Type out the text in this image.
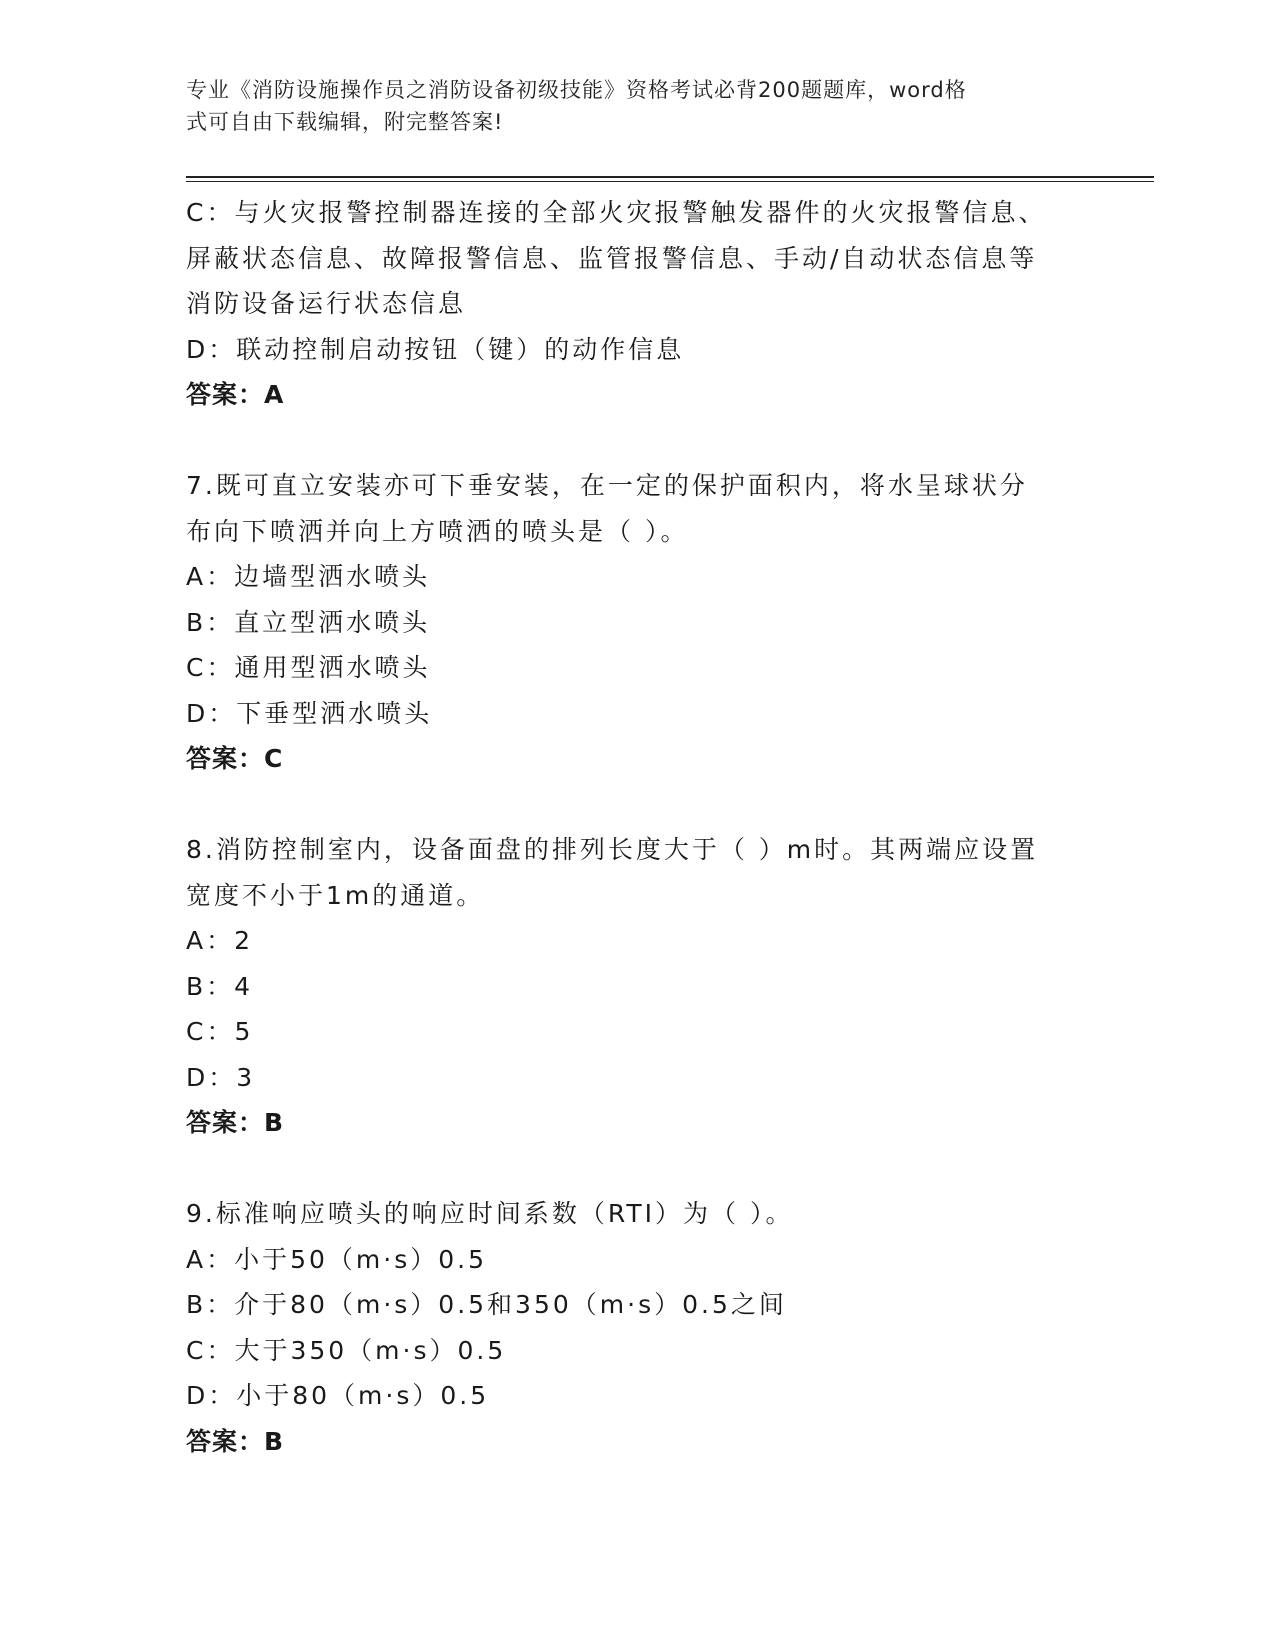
专业《消防设施操作员之消防设备初级技能》资格考试必背200题题库，word格
式可自由下载编辑，附完整答案!
C：与火灾报警控制器连接的全部火灾报警触发器件的火灾报警信息、
屏蔽状态信息、故障报警信息、监管报警信息、手动/自动状态信息等
消防设备运行状态信息
D：联动控制启动按钮（键）的动作信息
答案：A
7.既可直立安装亦可下垂安装，在一定的保护面积内，将水呈球状分
布向下喷洒并向上方喷洒的喷头是（ ）。
A：边墙型洒水喷头
B：直立型洒水喷头
C：通用型洒水喷头
D：下垂型洒水喷头
答案：C
8.消防控制室内，设备面盘的排列长度大于（ ）m时。其两端应设置
宽度不小于1m的通道。
A：2
B：4
C：5
D：3
答案：B
9.标准响应喷头的响应时间系数（RTI）为（ ）。
A：小于50（m·s）0.5
B：介于80（m·s）0.5和350（m·s）0.5之间
C：大于350（m·s）0.5
D：小于80（m·s）0.5
答案：B
